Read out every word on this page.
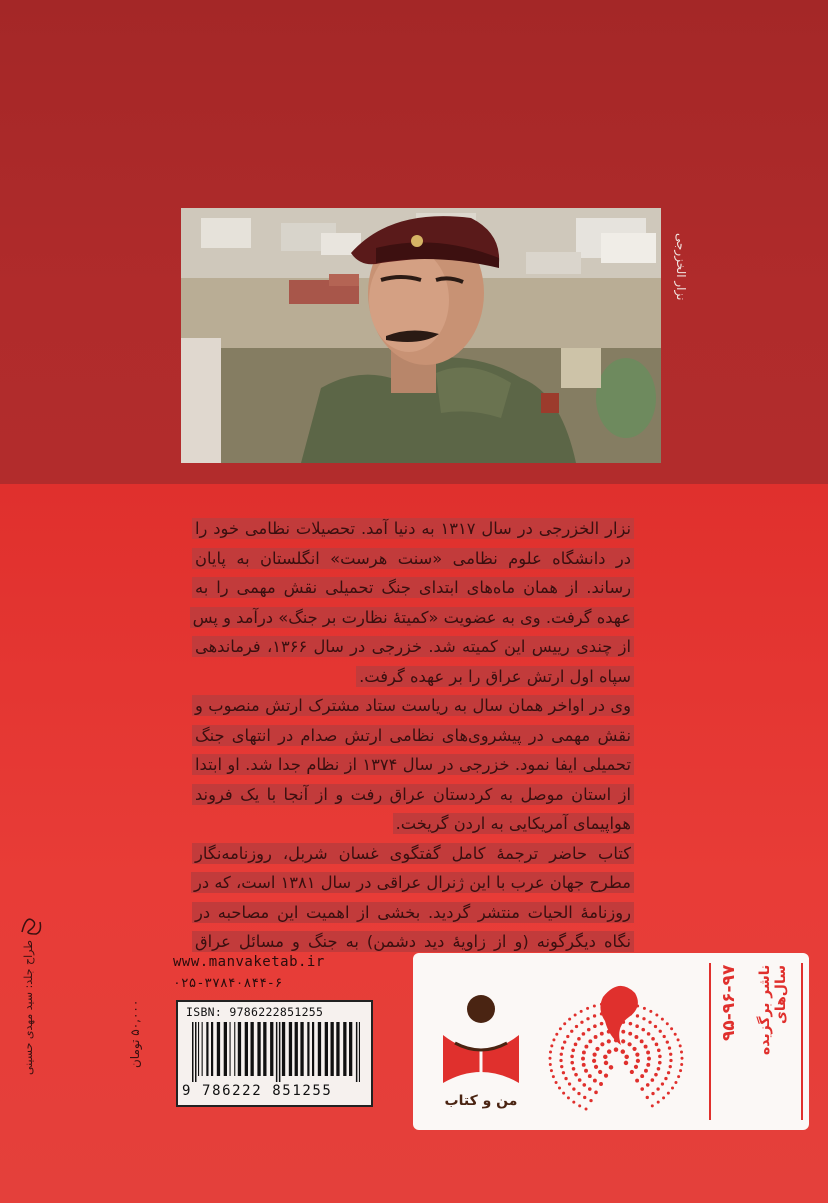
نزار الخزرجی

نزار الخزرجی در سال ۱۳۱۷ به دنیا آمد. تحصیلات نظامی خود را در دانشگاه علوم نظامی «سنت هرست» انگلستان به پایان رساند. از همان ماه‌های ابتدای جنگ تحمیلی نقش مهمی را به عهده گرفت. وی به عضویت «کمیتهٔ نظارت بر جنگ» درآمد و پس از چندی رییس این کمیته شد. خزرجی در سال ۱۳۶۶، فرماندهی سپاه اول ارتش عراق را بر عهده گرفت.

وی در اواخر همان سال به ریاست ستاد مشترک ارتش منصوب و نقش مهمی در پیشروی‌های نظامی ارتش صدام در انتهای جنگ تحمیلی ایفا نمود. خزرجی در سال ۱۳۷۴ از نظام جدا شد. او ابتدا از استان موصل به کردستان عراق رفت و از آنجا با یک فروند هواپیمای آمریکایی به اردن گریخت.

کتاب حاضر ترجمهٔ کامل گفتگوی غسان شربل، روزنامه‌نگار مطرح جهان عرب با این ژنرال عراقی در سال ۱۳۸۱ است، که در روزنامهٔ الحیات منتشر گردید. بخشی از اهمیت این مصاحبه در نگاه دیگرگونه (و از زاویهٔ دید دشمن) به جنگ و مسائل عراق

طراح جلد: سید مهدی حسینی	۵۰,۰۰۰ تومان
www.manvaketab.ir
۰۲۵-۳۷۸۴۰۸۴۴-۶
ISBN: 9786222851255
9 786222 851255
من و کتاب
ناشر برگزیده سال‌های
۹۵-۹۶-۹۷
